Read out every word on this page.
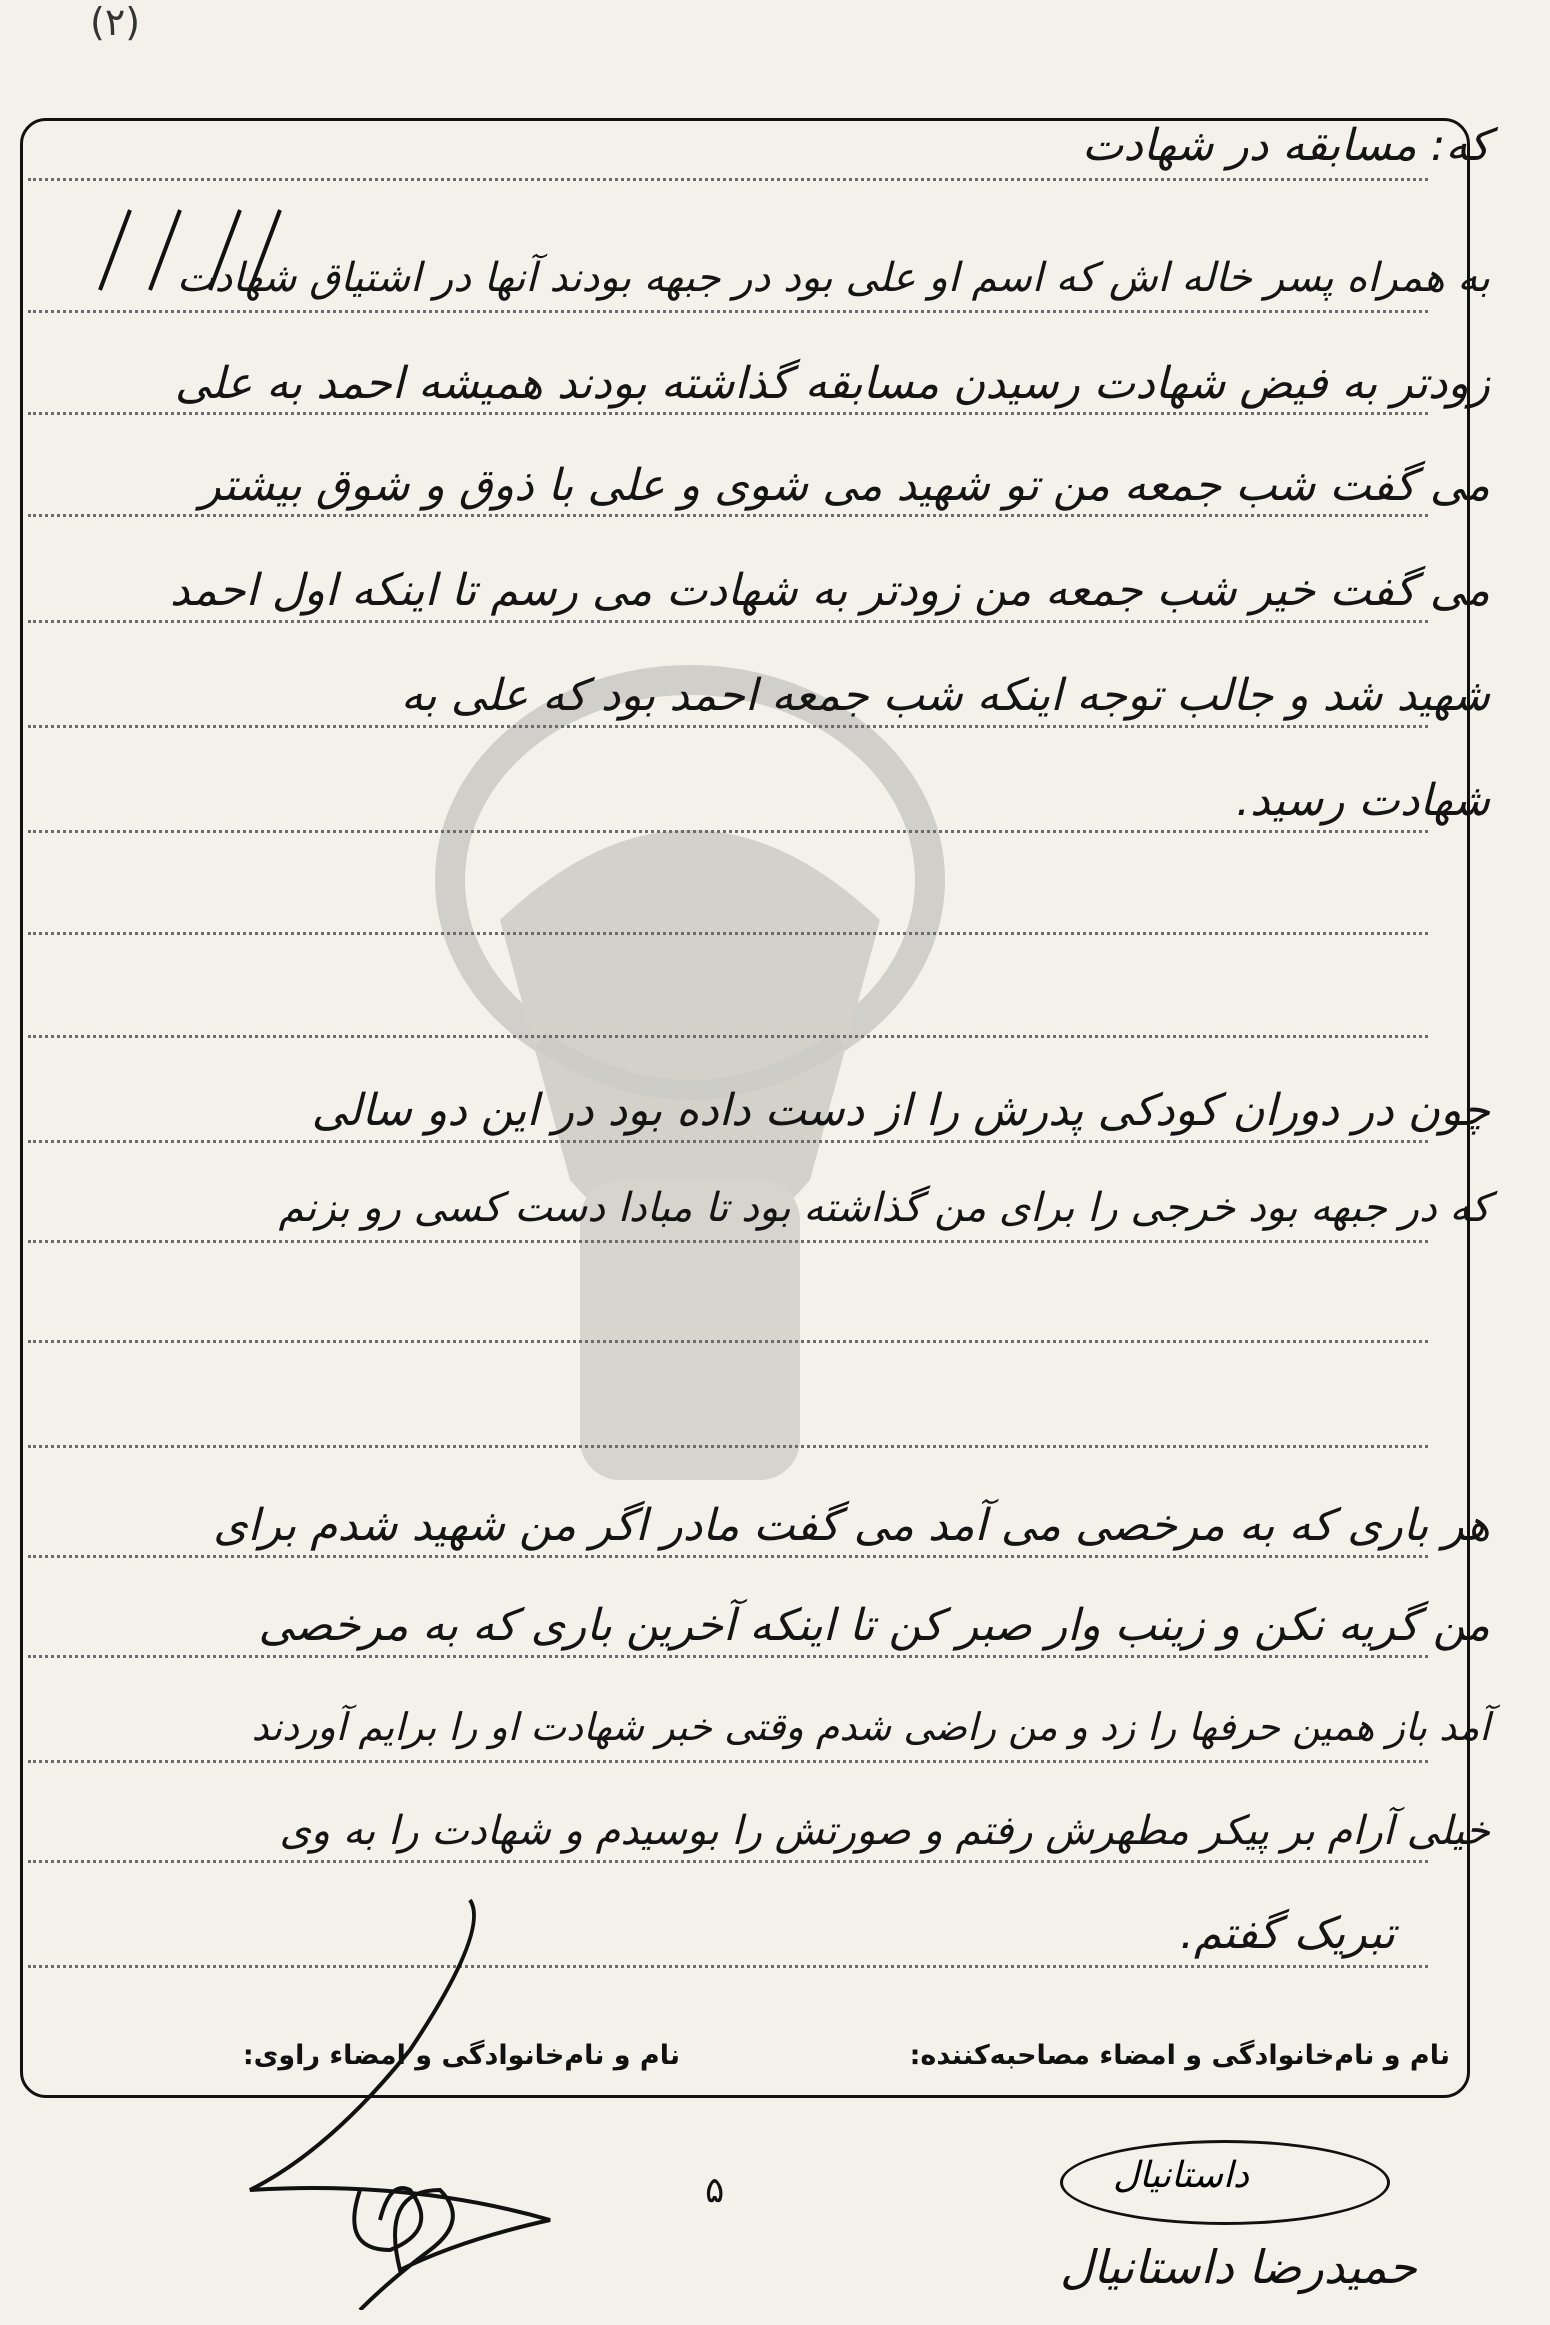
(۲)
که: مسابقه در شهادت
به همراه پسر خاله اش که اسم او علی بود در جبهه بودند آنها در اشتیاق شهادت
زودتر به فیض شهادت رسیدن مسابقه گذاشته بودند همیشه احمد به علی
می گفت شب جمعه من تو شهید می شوی و علی با ذوق و شوق بیشتر
می گفت خیر شب جمعه من زودتر به شهادت می رسم تا اینکه اول احمد
شهید شد و جالب توجه اینکه شب جمعه احمد بود که علی به
شهادت رسید.
چون در دوران کودکی پدرش را از دست داده بود در این دو سالی
که در جبهه بود خرجی را برای من گذاشته بود تا مبادا دست کسی رو بزنم
هر باری که به مرخصی می آمد می گفت مادر اگر من شهید شدم برای
من گریه نکن و زینب وار صبر کن تا اینکه آخرین باری که به مرخصی
آمد باز همین حرفها را زد و من راضی شدم وقتی خبر شهادت او را برایم آوردند
خیلی آرام بر پیکر مطهرش رفتم و صورتش را بوسیدم و شهادت را به وی
تبریک گفتم.
نام و نام‌خانوادگی و امضاء مصاحبه‌کننده:
نام و نام‌خانوادگی و امضاء راوی:
۵	داستانیال
حمیدرضا داستانیال
